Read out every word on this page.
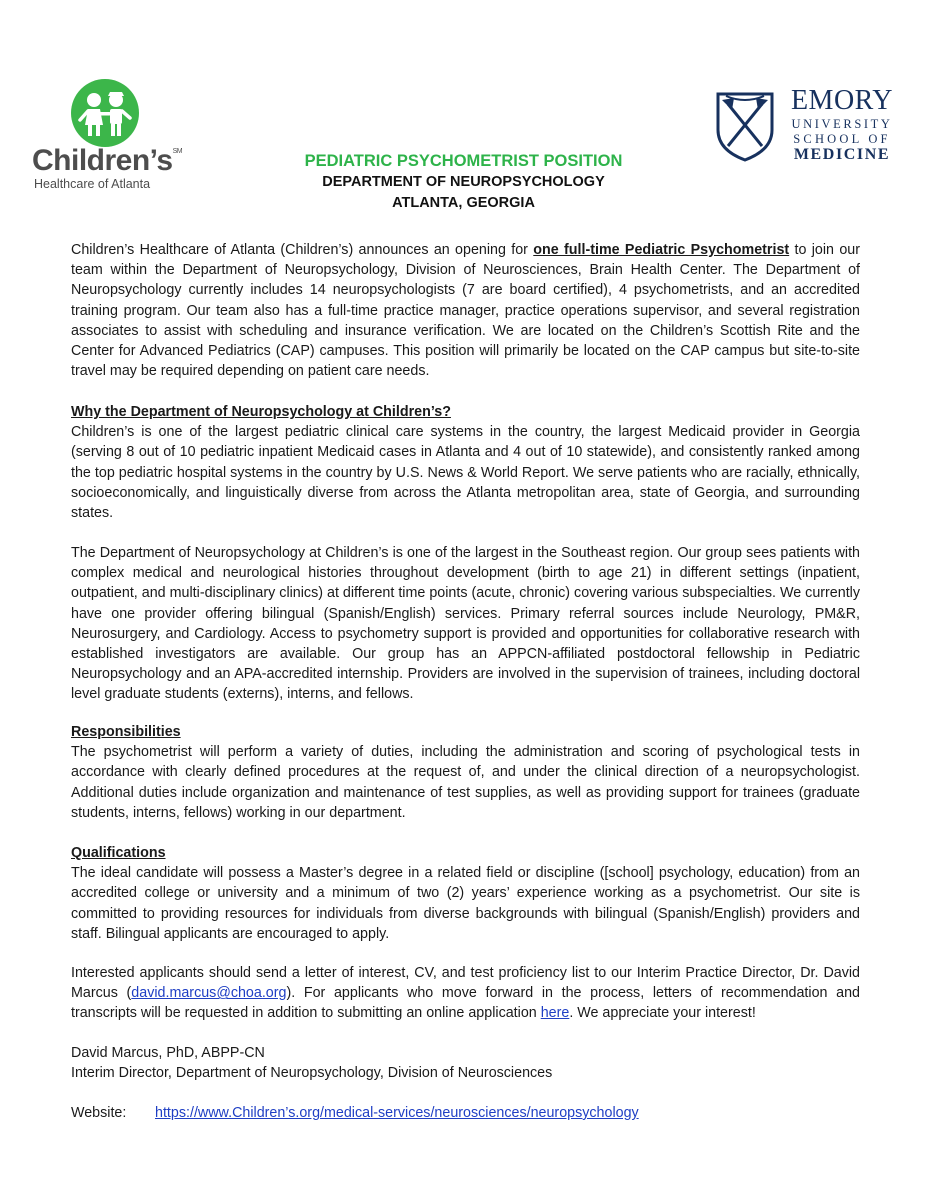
Children’s℠
Healthcare of Atlanta
EMORY
UNIVERSITY
SCHOOL OF
MEDICINE
PEDIATRIC PSYCHOMETRIST POSITION
DEPARTMENT OF NEUROPSYCHOLOGY
ATLANTA, GEORGIA

Children’s Healthcare of Atlanta (Children’s) announces an opening for one full-time Pediatric Psychometrist to join our team within the Department of Neuropsychology, Division of Neurosciences, Brain Health Center. The Department of Neuropsychology currently includes 14 neuropsychologists (7 are board certified), 4 psychometrists, and an accredited training program. Our team also has a full-time practice manager, practice operations supervisor, and several registration associates to assist with scheduling and insurance verification. We are located on the Children’s Scottish Rite and the Center for Advanced Pediatrics (CAP) campuses. This position will primarily be located on the CAP campus but site-to-site travel may be required depending on patient care needs.

Why the Department of Neuropsychology at Children’s?

Children’s is one of the largest pediatric clinical care systems in the country, the largest Medicaid provider in Georgia (serving 8 out of 10 pediatric inpatient Medicaid cases in Atlanta and 4 out of 10 statewide), and consistently ranked among the top pediatric hospital systems in the country by U.S. News & World Report. We serve patients who are racially, ethnically, socioeconomically, and linguistically diverse from across the Atlanta metropolitan area, state of Georgia, and surrounding states.

The Department of Neuropsychology at Children’s is one of the largest in the Southeast region. Our group sees patients with complex medical and neurological histories throughout development (birth to age 21) in different settings (inpatient, outpatient, and multi-disciplinary clinics) at different time points (acute, chronic) covering various subspecialties. We currently have one provider offering bilingual (Spanish/English) services. Primary referral sources include Neurology, PM&R, Neurosurgery, and Cardiology. Access to psychometry support is provided and opportunities for collaborative research with established investigators are available. Our group has an APPCN-affiliated postdoctoral fellowship in Pediatric Neuropsychology and an APA-accredited internship. Providers are involved in the supervision of trainees, including doctoral level graduate students (externs), interns, and fellows.

Responsibilities

The psychometrist will perform a variety of duties, including the administration and scoring of psychological tests in accordance with clearly defined procedures at the request of, and under the clinical direction of a neuropsychologist. Additional duties include organization and maintenance of test supplies, as well as providing support for trainees (graduate students, interns, fellows) working in our department.

Qualifications

The ideal candidate will possess a Master’s degree in a related field or discipline ([school] psychology, education) from an accredited college or university and a minimum of two (2) years’ experience working as a psychometrist. Our site is committed to providing resources for individuals from diverse backgrounds with bilingual (Spanish/English) providers and staff. Bilingual applicants are encouraged to apply.

Interested applicants should send a letter of interest, CV, and test proficiency list to our Interim Practice Director, Dr. David Marcus (david.marcus@choa.org). For applicants who move forward in the process, letters of recommendation and transcripts will be requested in addition to submitting an online application here. We appreciate your interest!

David Marcus, PhD, ABPP-CN
Interim Director, Department of Neuropsychology, Division of Neurosciences
Website: https://www.Children’s.org/medical-services/neurosciences/neuropsychology
